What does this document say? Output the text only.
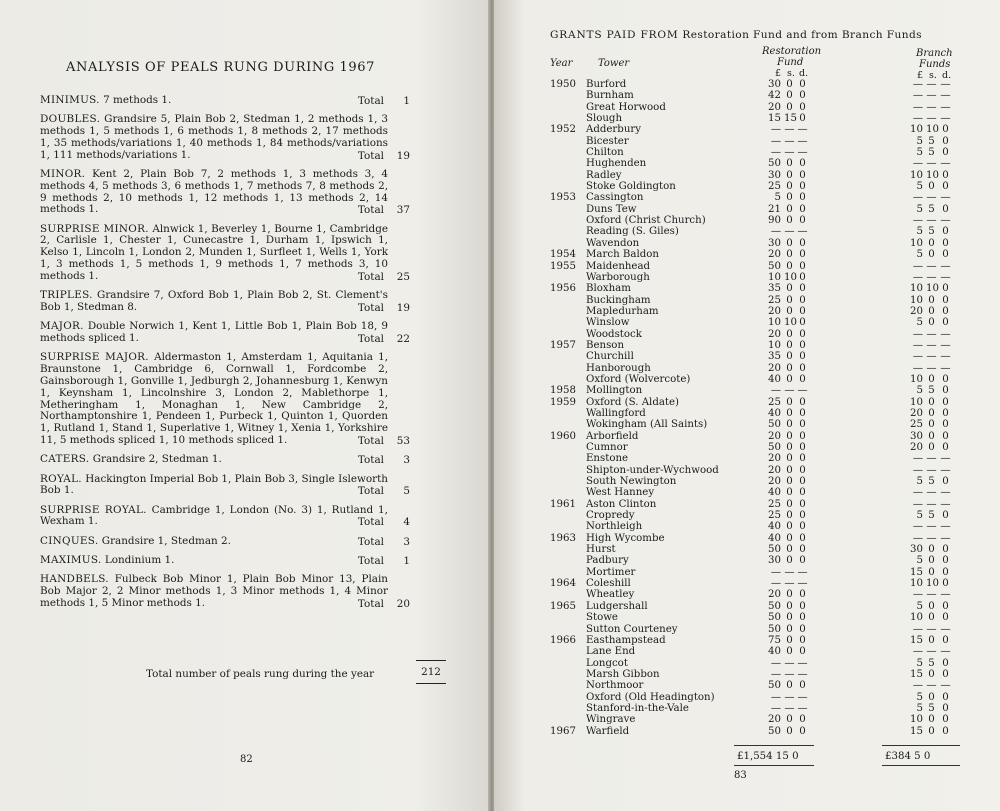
ANALYSIS OF PEALS RUNG DURING 1967
MINIMUS. 7 methods 1.	Total 1
DOUBLES. Grandsire 5, Plain Bob 2, Stedman 1, 2 methods 1, 3 methods 1, 5 methods 1, 6 methods 1, 8 methods 2, 17 methods 1, 35 methods/variations 1, 40 methods 1, 84 methods/variations 1, 111 methods/variations 1.	Total 19
MINOR. Kent 2, Plain Bob 7, 2 methods 1, 3 methods 3, 4 methods 4, 5 methods 3, 6 methods 1, 7 methods 7, 8 methods 2, 9 methods 2, 10 methods 1, 12 methods 1, 13 methods 2, 14 methods 1.	Total 37
SURPRISE MINOR. Alnwick 1, Beverley 1, Bourne 1, Cambridge 2, Carlisle 1, Chester 1, Cunecastre 1, Durham 1, Ipswich 1, Kelso 1, Lincoln 1, London 2, Munden 1, Surfleet 1, Wells 1, York 1, 3 methods 1, 5 methods 1, 9 methods 1, 7 methods 3, 10 methods 1.	Total 25
TRIPLES. Grandsire 7, Oxford Bob 1, Plain Bob 2, St. Clement's Bob 1, Stedman 8.	Total 19
MAJOR. Double Norwich 1, Kent 1, Little Bob 1, Plain Bob 18, 9 methods spliced 1.	Total 22
SURPRISE MAJOR. Aldermaston 1, Amsterdam 1, Aquitania 1, Braunstone 1, Cambridge 6, Cornwall 1, Fordcombe 2, Gainsborough 1, Gonville 1, Jedburgh 2, Johannesburg 1, Kenwyn 1, Keynsham 1, Lincolnshire 3, London 2, Mablethorpe 1, Metheringham 1, Monaghan 1, New Cambridge 2, Northamptonshire 1, Pendeen 1, Purbeck 1, Quinton 1, Quorden 1, Rutland 1, Stand 1, Superlative 1, Witney 1, Xenia 1, Yorkshire 11, 5 methods spliced 1, 10 methods spliced 1.	Total 53
CATERS. Grandsire 2, Stedman 1.	Total 3
ROYAL. Hackington Imperial Bob 1, Plain Bob 3, Single Isleworth Bob 1.	Total 5
SURPRISE ROYAL. Cambridge 1, London (No. 3) 1, Rutland 1, Wexham 1.	Total 4
CINQUES. Grandsire 1, Stedman 2.	Total 3
MAXIMUS. Londinium 1.	Total 1
HANDBELS. Fulbeck Bob Minor 1, Plain Bob Minor 13, Plain Bob Major 2, 2 Minor methods 1, 3 Minor methods 1, 4 Minor methods 1, 5 Minor methods 1.	Total 20
Total number of peals rung during the year	212
82
GRANTS PAID FROM Restoration Fund and from Branch Funds
Year	Tower
Restoration
Fund
Branch
Funds
£ s. d.	£ s. d.
1950 Burford	30 0 0	— — —
Burnham	42 0 0	— — —
Great Horwood	20 0 0	— — —
Slough	15 15 0	— — —
1952 Adderbury	— — —	10 10 0
Bicester	— — —	5 5 0
Chilton	— — —	5 5 0
Hughenden	50 0 0	— — —
Radley	30 0 0	10 10 0
Stoke Goldington	25 0 0	5 0 0
1953 Cassington	5 0 0	— — —
Duns Tew	21 0 0	5 5 0
Oxford (Christ Church)	90 0 0	— — —
Reading (S. Giles)	— — —	5 5 0
Wavendon	30 0 0	10 0 0
1954 March Baldon	20 0 0	5 0 0
1955 Maidenhead	50 0 0	— — —
Warborough	10 10 0	— — —
1956 Bloxham	35 0 0	10 10 0
Buckingham	25 0 0	10 0 0
Mapledurham	20 0 0	20 0 0
Winslow	10 10 0	5 0 0
Woodstock	20 0 0	— — —
1957 Benson	10 0 0	— — —
Churchill	35 0 0	— — —
Hanborough	20 0 0	— — —
Oxford (Wolvercote)	40 0 0	10 0 0
1958 Mollington	— — —	5 5 0
1959 Oxford (S. Aldate)	25 0 0	10 0 0
Wallingford	40 0 0	20 0 0
Wokingham (All Saints)	50 0 0	25 0 0
1960 Arborfield	20 0 0	30 0 0
Cumnor	50 0 0	20 0 0
Enstone	20 0 0	— — —
Shipton-under-Wychwood	20 0 0	— — —
South Newington	20 0 0	5 5 0
West Hanney	40 0 0	— — —
1961 Aston Clinton	25 0 0	— — —
Cropredy	25 0 0	5 5 0
Northleigh	40 0 0	— — —
1963 High Wycombe	40 0 0	— — —
Hurst	50 0 0	30 0 0
Padbury	30 0 0	5 0 0
Mortimer	— — —	15 0 0
1964 Coleshill	— — —	10 10 0
Wheatley	20 0 0	— — —
1965 Ludgershall	50 0 0	5 0 0
Stowe	50 0 0	10 0 0
Sutton Courteney	50 0 0	— — —
1966 Easthampstead	75 0 0	15 0 0
Lane End	40 0 0	— — —
Longcot	— — —	5 5 0
Marsh Gibbon	— — —	15 0 0
Northmoor	50 0 0	— — —
Oxford (Old Headington)	— — —	5 0 0
Stanford-in-the-Vale	— — —	5 5 0
Wingrave	20 0 0	10 0 0
1967 Warfield	50 0 0	15 0 0
£1,554 15 0	£384 5 0
83
